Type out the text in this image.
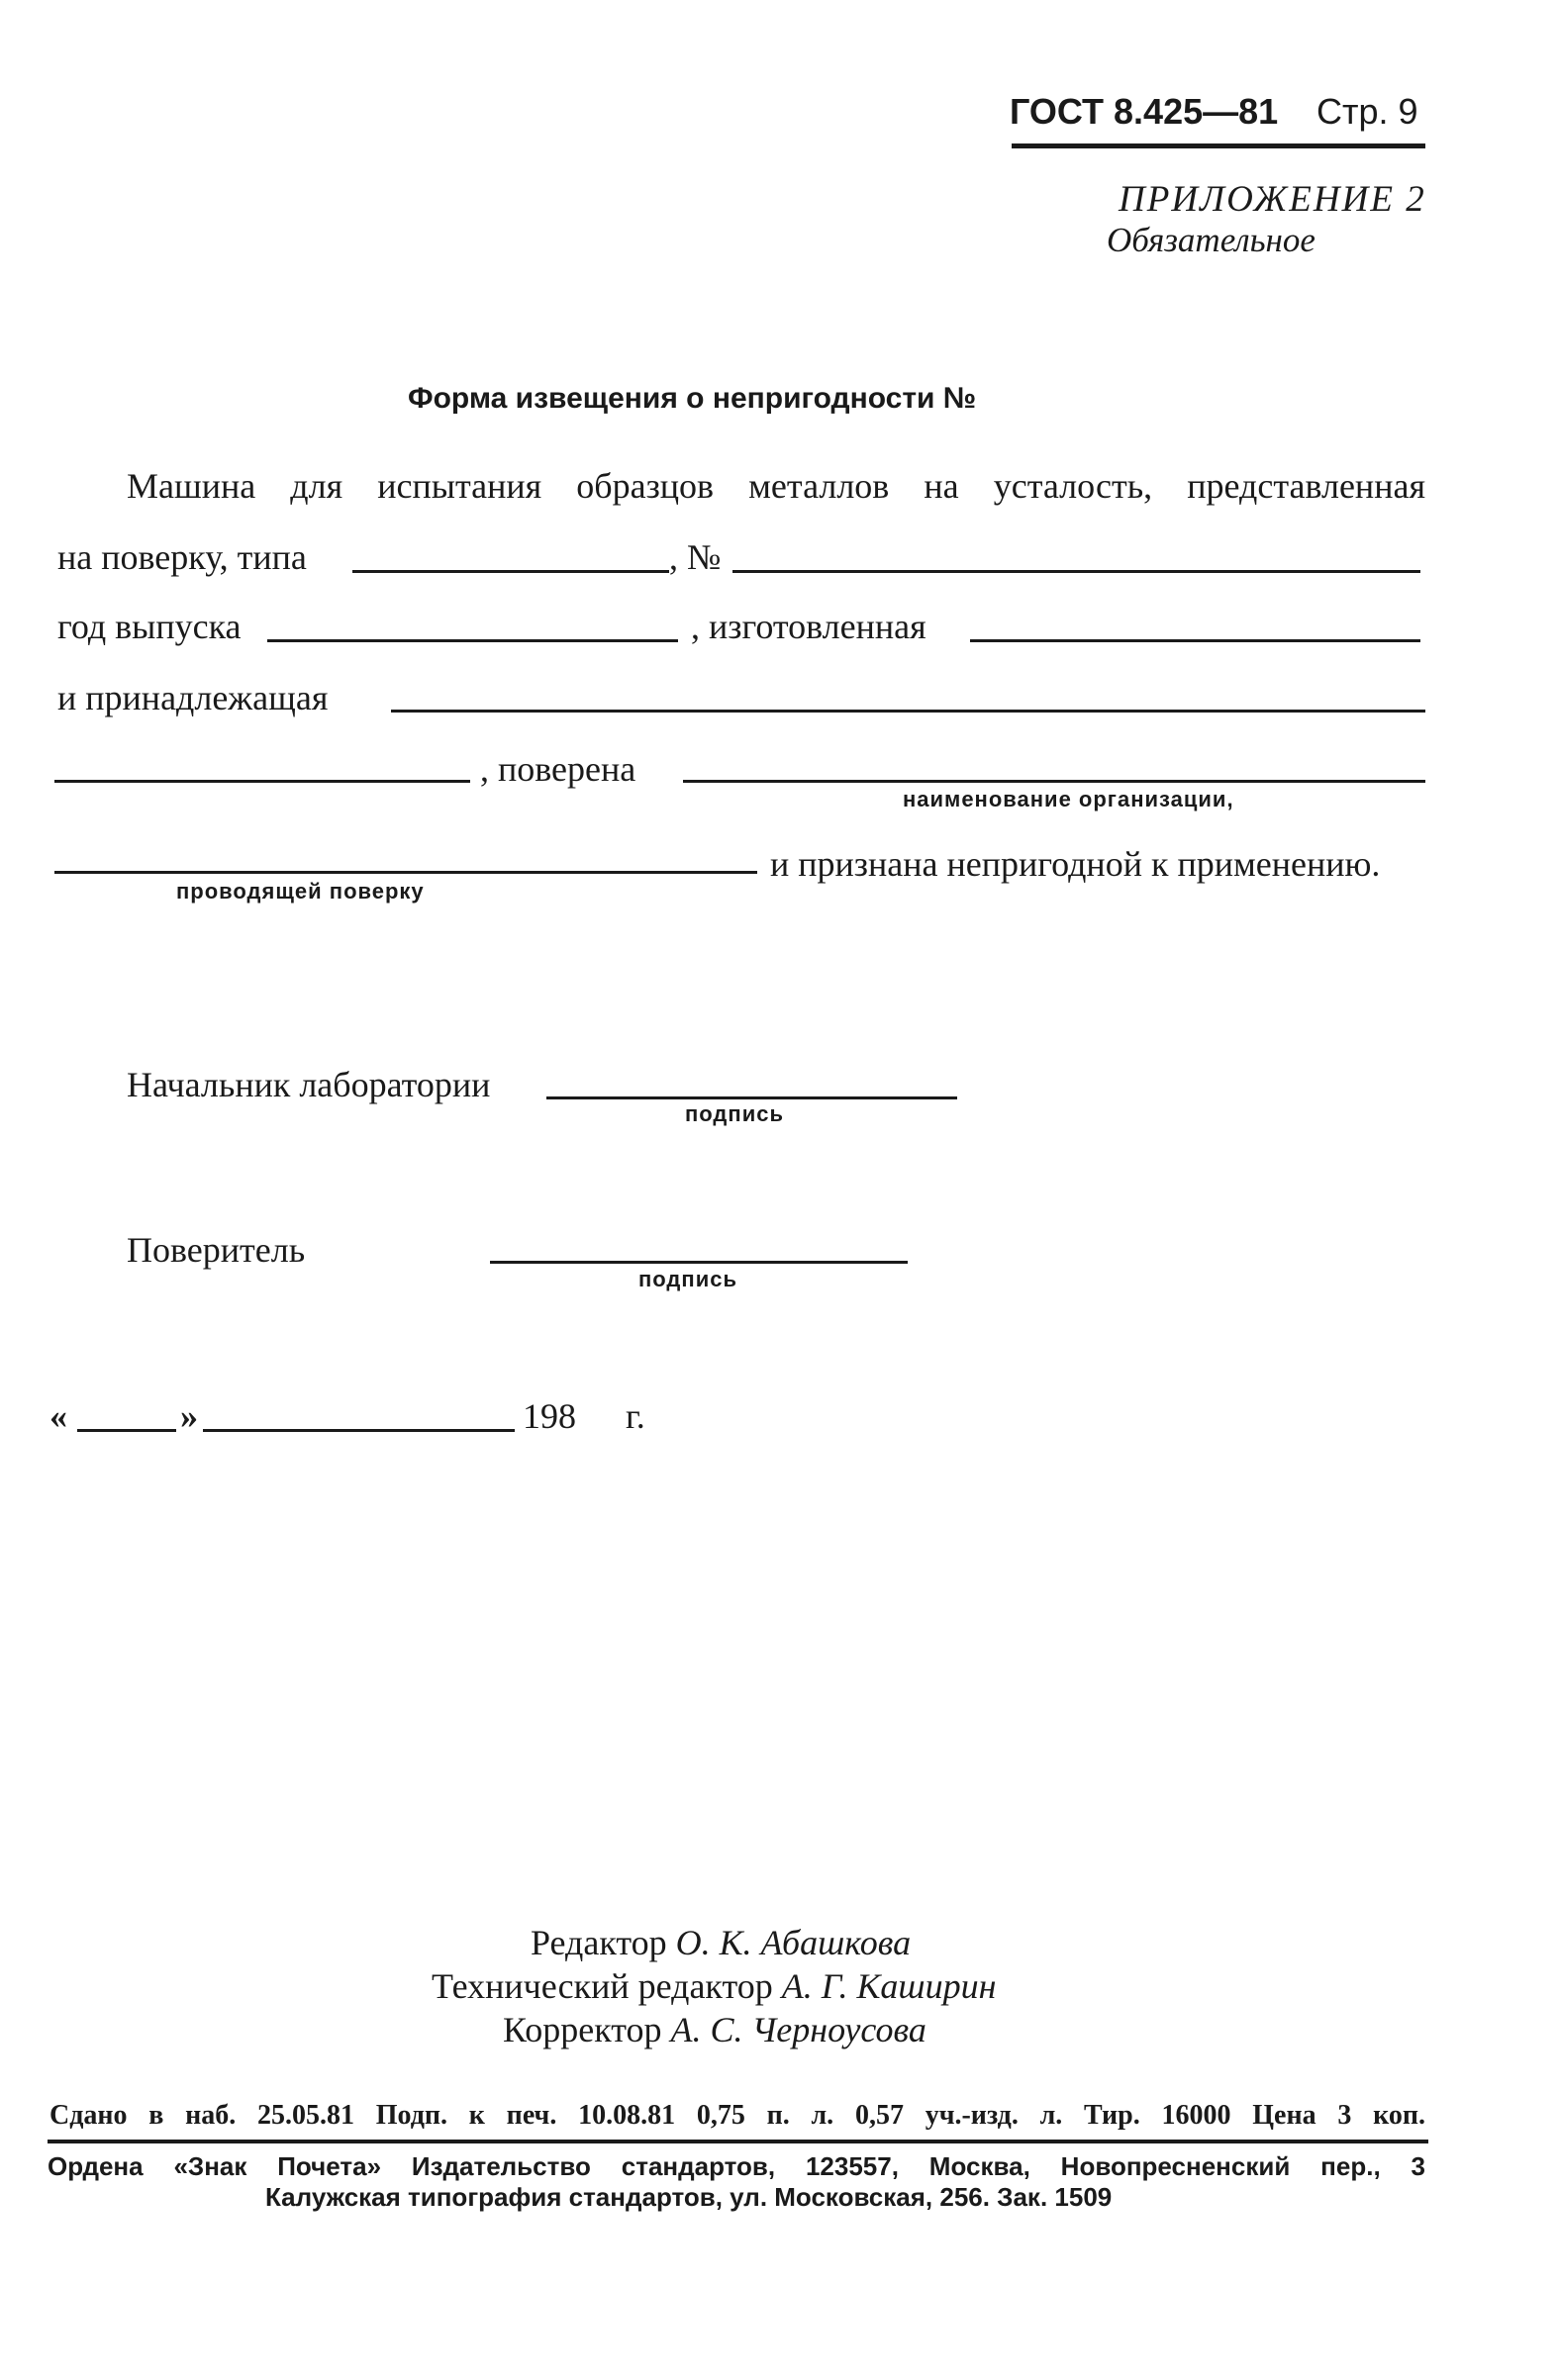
ГОСТ 8.425—81 Стр. 9
ПРИЛОЖЕНИЕ 2
Обязательное
Форма извещения о непригодности №
Машина для испытания образцов металлов на усталость, представленная
на поверку, типа	, №
год выпуска	, изготовленная
и принадлежащая
, поверена
наименование организации,
и признана непригодной к применению.
проводящей поверку
Начальник лаборатории
подпись
Поверитель
подпись
«	»	198 г.
Редактор О. К. Абашкова
Технический редактор А. Г. Каширин
Корректор А. С. Черноусова
Сдано в наб. 25.05.81 Подп. к печ. 10.08.81 0,75 п. л. 0,57 уч.-изд. л. Тир. 16000 Цена 3 коп.
Ордена «Знак Почета» Издательство стандартов, 123557, Москва, Новопресненский пер., 3
Калужская типография стандартов, ул. Московская, 256. Зак. 1509
